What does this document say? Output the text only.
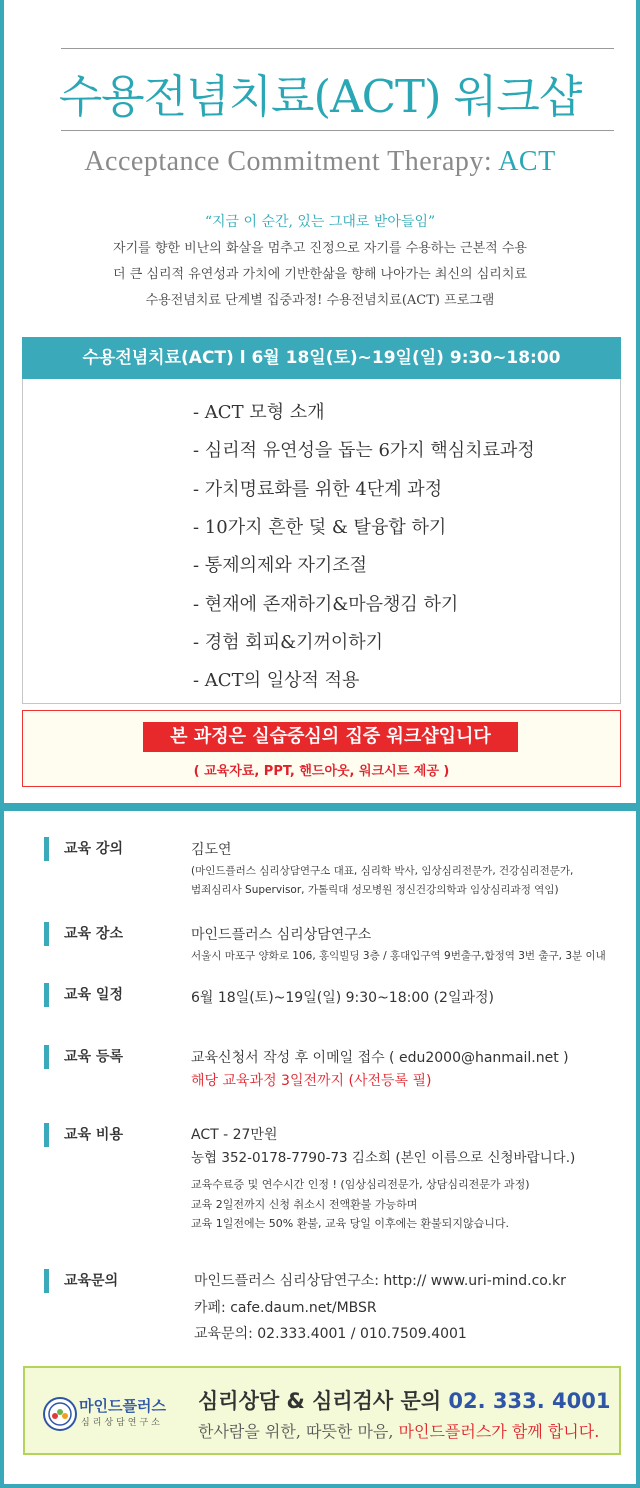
수용전념치료(ACT) 워크샵
Acceptance Commitment Therapy: ACT
“지금 이 순간, 있는 그대로 받아들임”
자기를 향한 비난의 화살을 멈추고 진정으로 자기를 수용하는 근본적 수용
더 큰 심리적 유연성과 가치에 기반한삶을 향해 나아가는 최신의 심리치료
수용전념치료 단계별 집중과정! 수용전념치료(ACT) 프로그램
수용전념치료(ACT) l 6월 18일(토)~19일(일) 9:30~18:00
- ACT 모형 소개
- 심리적 유연성을 돕는 6가지 핵심치료과정
- 가치명료화를 위한 4단계 과정
- 10가지 흔한 덫 & 탈융합 하기
- 통제의제와 자기조절
- 현재에 존재하기&마음챙김 하기
- 경험 회피&기꺼이하기
- ACT의 일상적 적용
본 과정은 실습중심의 집중 워크샵입니다
( 교육자료, PPT, 핸드아웃, 워크시트 제공 )
교육 강의	김도연
(마인드플러스 심리상담연구소 대표, 심리학 박사, 임상심리전문가, 건강심리전문가,
범죄심리사 Supervisor, 가톨릭대 성모병원 정신건강의학과 임상심리과정 역임)
교육 장소	마인드플러스 심리상담연구소
서울시 마포구 양화로 106, 홍익빌딩 3층 / 홍대입구역 9번출구,합정역 3번 출구, 3분 이내
교육 일정	6월 18일(토)~19일(일) 9:30~18:00 (2일과정)
교육 등록	교육신청서 작성 후 이메일 접수 ( edu2000@hanmail.net )
해당 교육과정 3일전까지 (사전등록 필)
교육 비용	ACT - 27만원
농협 352-0178-7790-73 김소희 (본인 이름으로 신청바랍니다.)
교육수료증 및 연수시간 인정 ! (임상심리전문가, 상담심리전문가 과정)
교육 2일전까지 신청 취소시 전액환불 가능하며
교육 1일전에는 50% 환불, 교육 당일 이후에는 환불되지않습니다.
교육문의	마인드플러스 심리상담연구소: http:// www.uri-mind.co.kr
카페: cafe.daum.net/MBSR
교육문의: 02.333.4001 / 010.7509.4001
마인드플러스
심리상담연구소
심리상담 & 심리검사 문의 02. 333. 4001
한사람을 위한, 따뜻한 마음, 마인드플러스가 함께 합니다.
